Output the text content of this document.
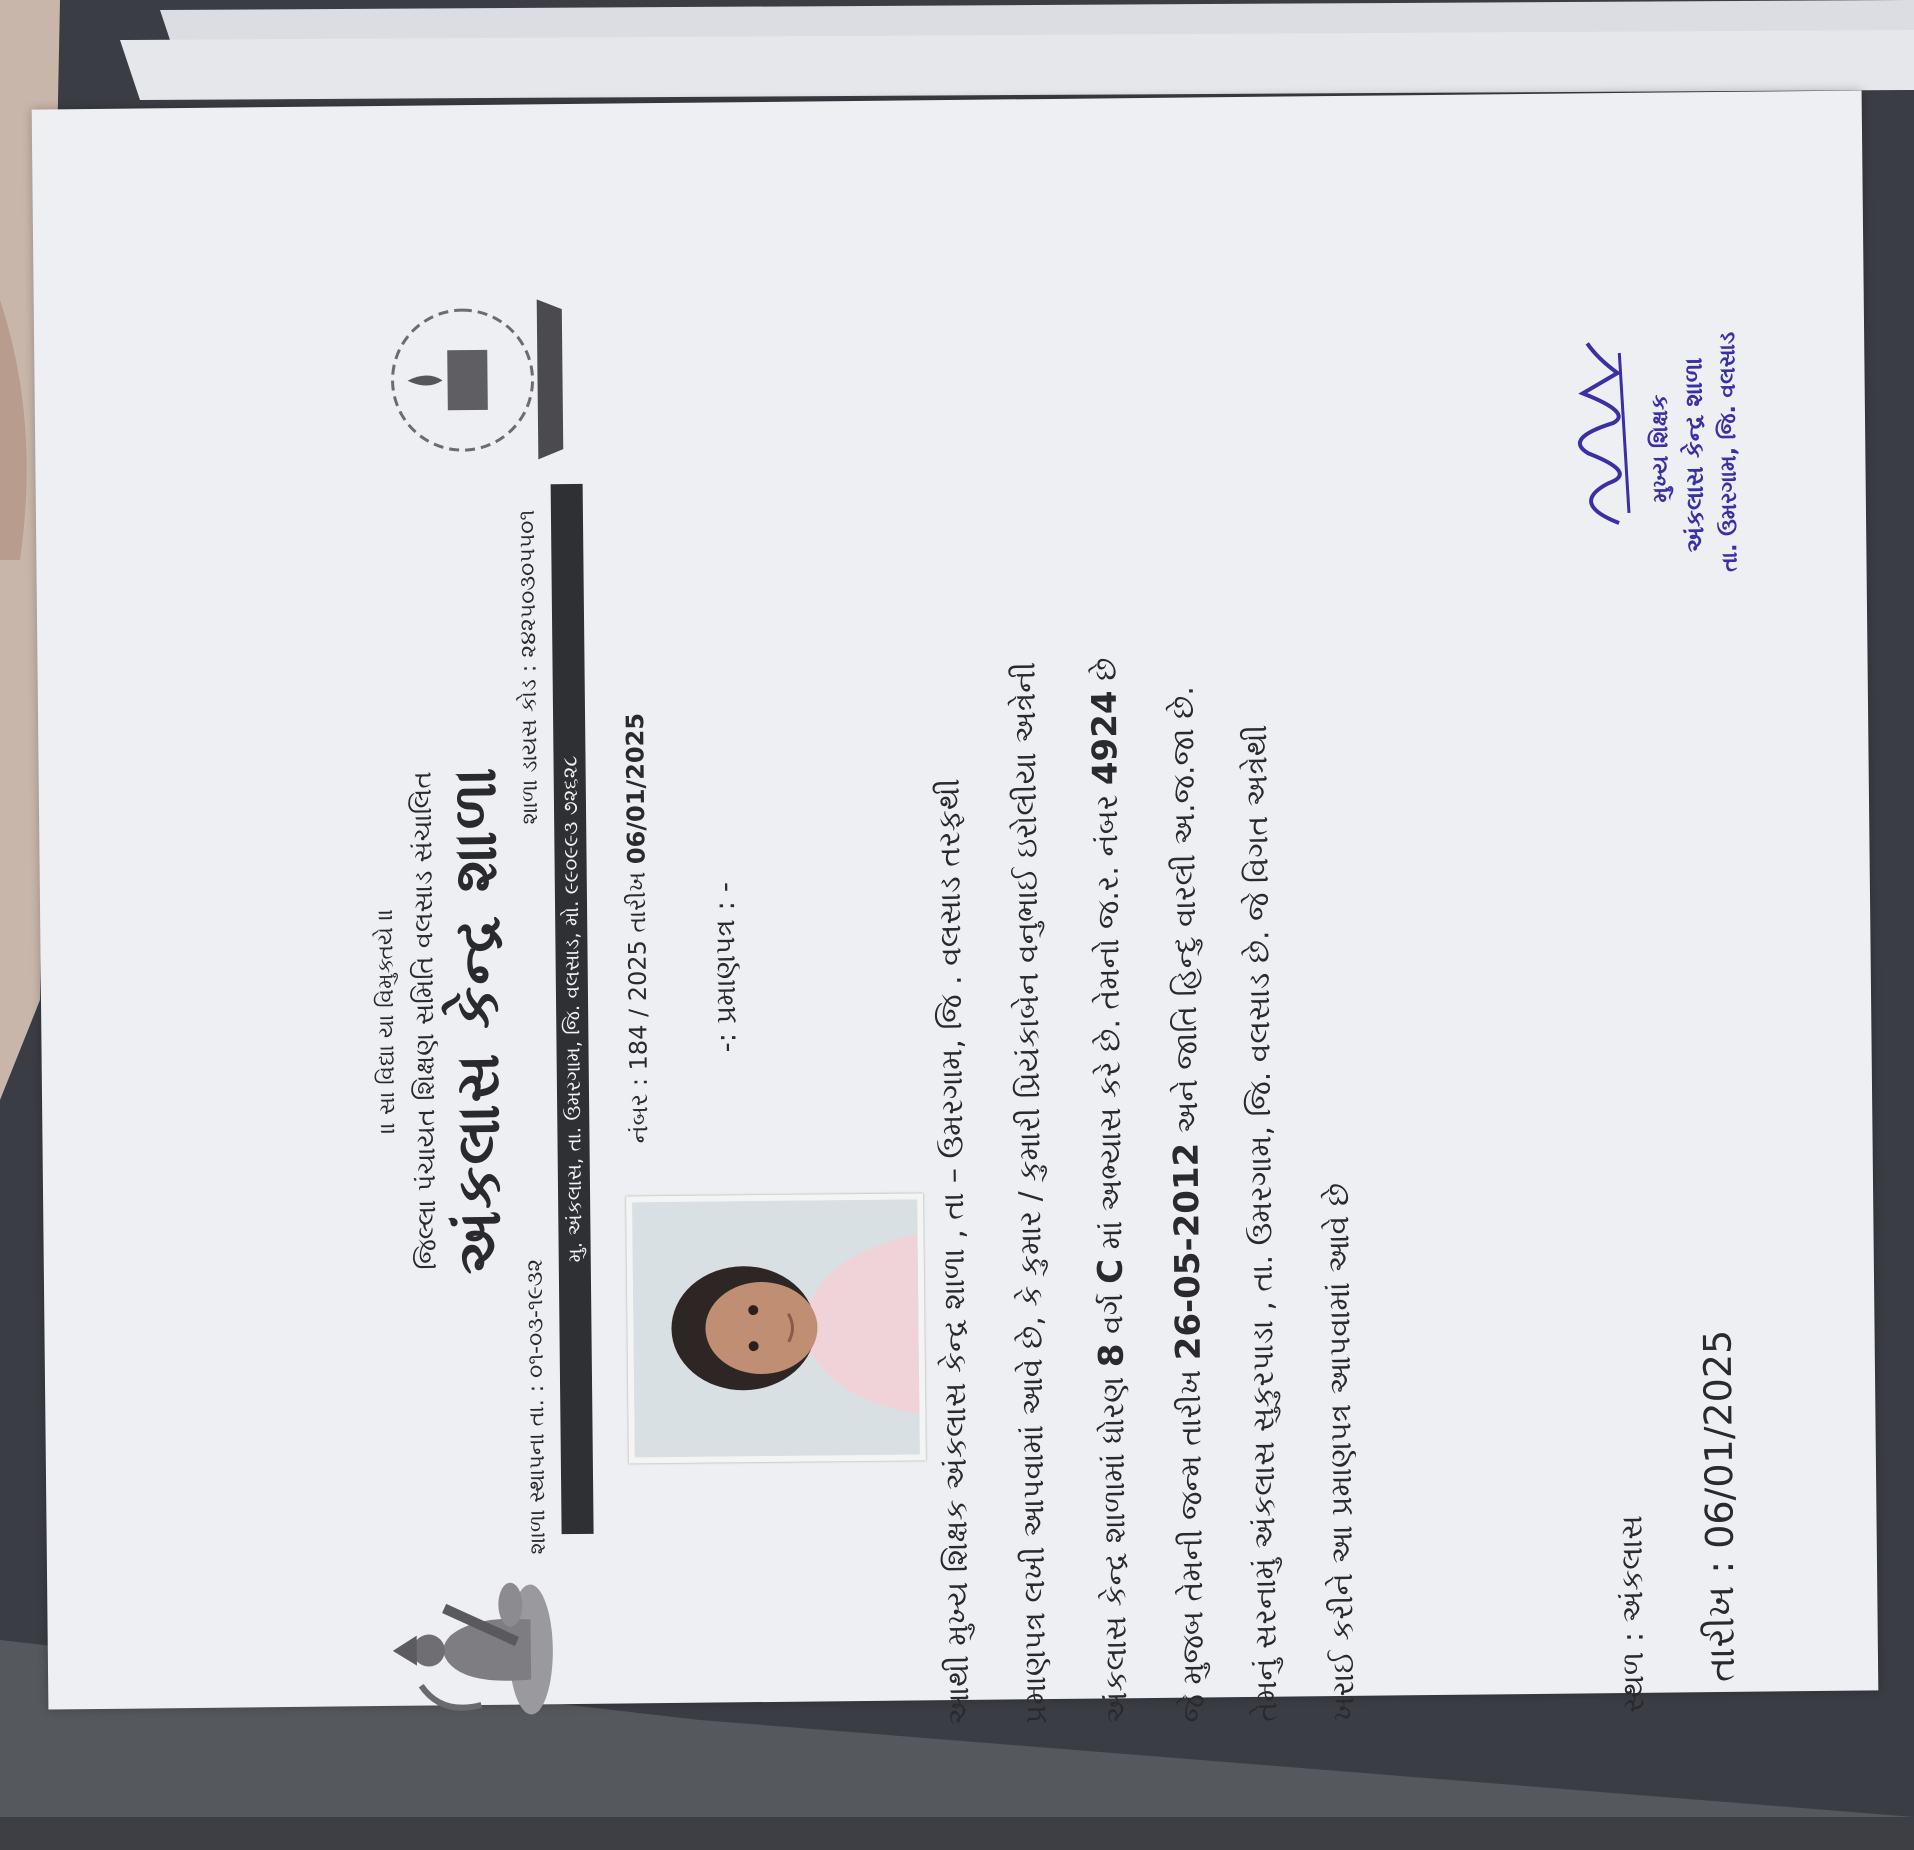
॥ સા વિદ્યા યા વિમુક્તયે ॥ જિલ્લા પંચાયત શિક્ષણ સમિતિ વલસાડ સંચાલિત
અંકલાસ કેન્દ્ર શાળા
શાળા સ્થાપના તા. : ૦૧-૦૩-૧૯૩૨
શાળા ડાયસ કોડ : ૨૪૨૫૦૩૦૫૫૦૧
મુ. અંકલાસ, તા. ઉમરગામ, જિ. વલસાડ, મો. ૯૯૦૯૯૩ ૭૨૬૨૮ નંબર : 184 / 2025 તારીખ 06/01/2025
-: પ્રમાણપત્ર : -	આથી મુખ્ય શિક્ષક અંકલાસ કેન્દ્ર શાળા , તા – ઉમરગામ, જિ . વલસાડ તરફથી પ્રમાણપત્ર લખી આપવામાં આવે છે, કે કુમાર / કુમારી પ્રિયંકાબેન વનુભાઈ ઇરોલીયા અત્રેની	અંકલાસ કેન્દ્ર શાળામાં ધોરણ 8 વર્ગ C માં અભ્યાસ કરે છે. તેમનો જ.ર. નંબર 4924 છે
જે મુજબ તેમની જન્મ તારીખ 26-05-2012 અને જાતિ હિન્દુ વારલી અ.જ.જા છે. તેમનું સરનામું અંકલાસ સુકુરપાડા , તા. ઉમરગામ, જિ. વલસાડ છે. જે વિગત અત્રેથી ખરાઈ કરીને આ પ્રમાણપત્ર આપવામાં આવે છે	સ્થળ : અંકલાસ તારીખ : 06/01/2025
મુખ્ય શિક્ષક અંકલાસ કેન્દ્ર શાળા તા. ઉમરગામ, જિ. વલસાડ
